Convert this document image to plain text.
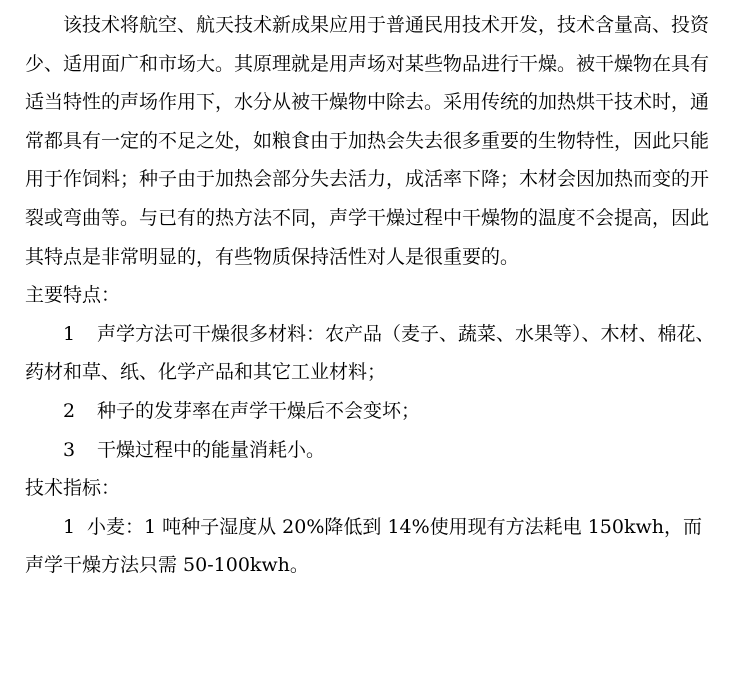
该技术将航空、航天技术新成果应用于普通民用技术开发，技术含量高、投资少、适用面广和市场大。其原理就是用声场对某些物品进行干燥。被干燥物在具有适当特性的声场作用下，水分从被干燥物中除去。采用传统的加热烘干技术时，通常都具有一定的不足之处，如粮食由于加热会失去很多重要的生物特性，因此只能用于作饲料；种子由于加热会部分失去活力，成活率下降；木材会因加热而变的开裂或弯曲等。与已有的热方法不同，声学干燥过程中干燥物的温度不会提高，因此其特点是非常明显的，有些物质保持活性对人是很重要的。

主要特点：

1 声学方法可干燥很多材料：农产品（麦子、蔬菜、水果等）、木材、棉花、药材和草、纸、化学产品和其它工业材料；

2 种子的发芽率在声学干燥后不会变坏；

3 干燥过程中的能量消耗小。

技术指标：

1 小麦：1 吨种子湿度从 20%降低到 14%使用现有方法耗电 150kwh，而声学干燥方法只需 50-100kwh。
